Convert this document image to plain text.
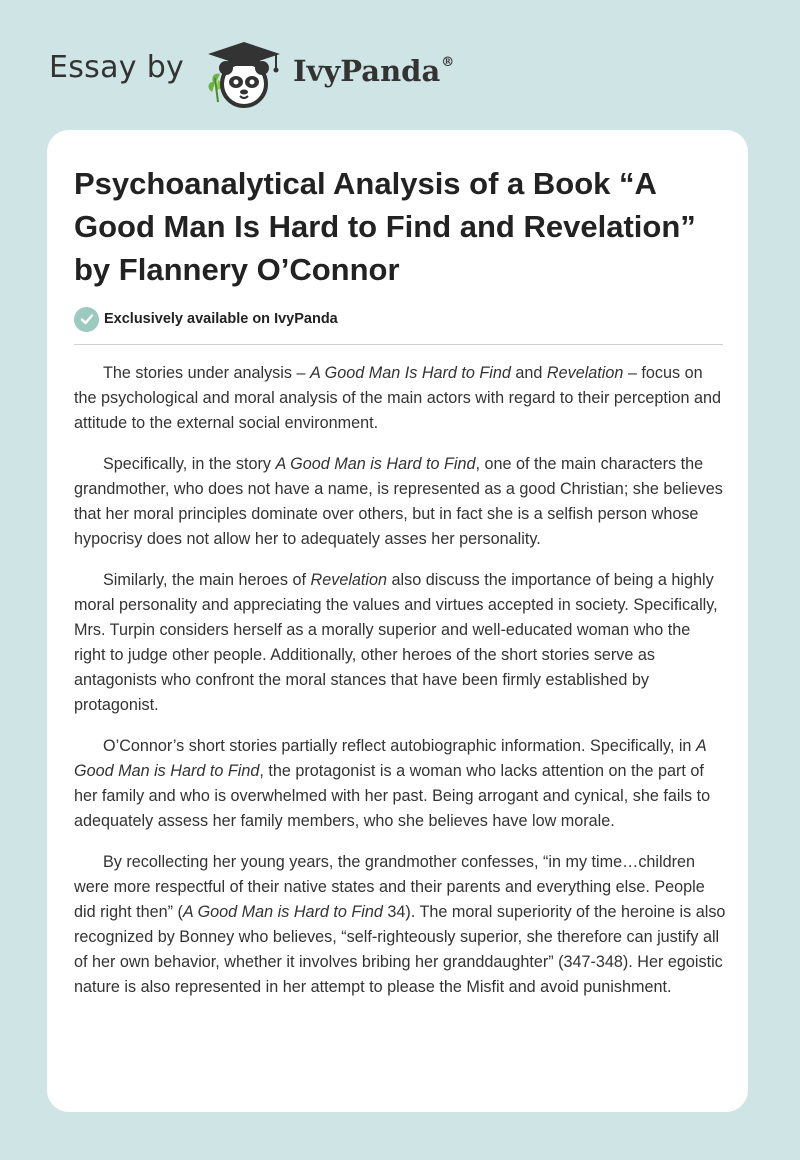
Essay by	IvyPanda®
Psychoanalytical Analysis of a Book “A Good Man Is Hard to Find and Revelation” by Flannery O’Connor
Exclusively available on IvyPanda

The stories under analysis – A Good Man Is Hard to Find and Revelation – focus on the psychological and moral analysis of the main actors with regard to their perception and attitude to the external social environment.

Specifically, in the story A Good Man is Hard to Find, one of the main characters the grandmother, who does not have a name, is represented as a good Christian; she believes that her moral principles dominate over others, but in fact she is a selfish person whose hypocrisy does not allow her to adequately asses her personality.

Similarly, the main heroes of Revelation also discuss the importance of being a highly moral personality and appreciating the values and virtues accepted in society. Specifically, Mrs. Turpin considers herself as a morally superior and well-educated woman who the right to judge other people. Additionally, other heroes of the short stories serve as antagonists who confront the moral stances that have been firmly established by protagonist.

O’Connor’s short stories partially reflect autobiographic information. Specifically, in A Good Man is Hard to Find, the protagonist is a woman who lacks attention on the part of her family and who is overwhelmed with her past. Being arrogant and cynical, she fails to adequately assess her family members, who she believes have low morale.

By recollecting her young years, the grandmother confesses, “in my time…children were more respectful of their native states and their parents and everything else. People did right then” (A Good Man is Hard to Find 34). The moral superiority of the heroine is also recognized by Bonney who believes, “self-righteously superior, she therefore can justify all of her own behavior, whether it involves bribing her granddaughter” (347-348). Her egoistic nature is also represented in her attempt to please the Misfit and avoid punishment.
